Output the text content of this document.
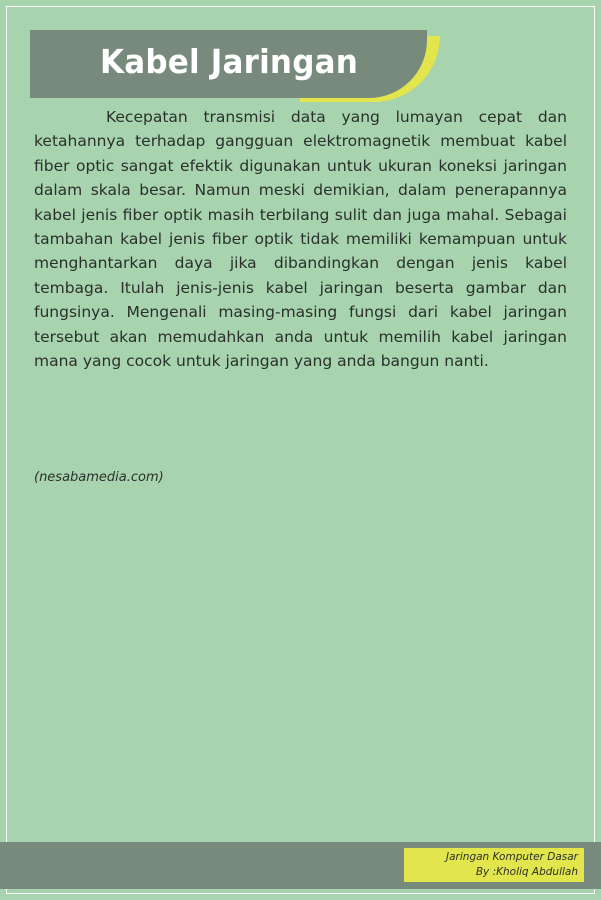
Kabel Jaringan

Kecepatan transmisi data yang lumayan cepat dan ketahannya terhadap gangguan elektromagnetik membuat kabel fiber optic sangat efektik digunakan untuk ukuran koneksi jaringan dalam skala besar. Namun meski demikian, dalam penerapannya kabel jenis fiber optik masih terbilang sulit dan juga mahal. Sebagai tambahan kabel jenis fiber optik tidak memiliki kemampuan untuk menghantarkan daya jika dibandingkan dengan jenis kabel tembaga. Itulah jenis-jenis kabel jaringan beserta gambar dan fungsinya. Mengenali masing-masing fungsi dari kabel jaringan tersebut akan memudahkan anda untuk memilih kabel jaringan mana yang cocok untuk jaringan yang anda bangun nanti.

(nesabamedia.com)

Jaringan Komputer Dasar
By :Kholiq Abdullah
